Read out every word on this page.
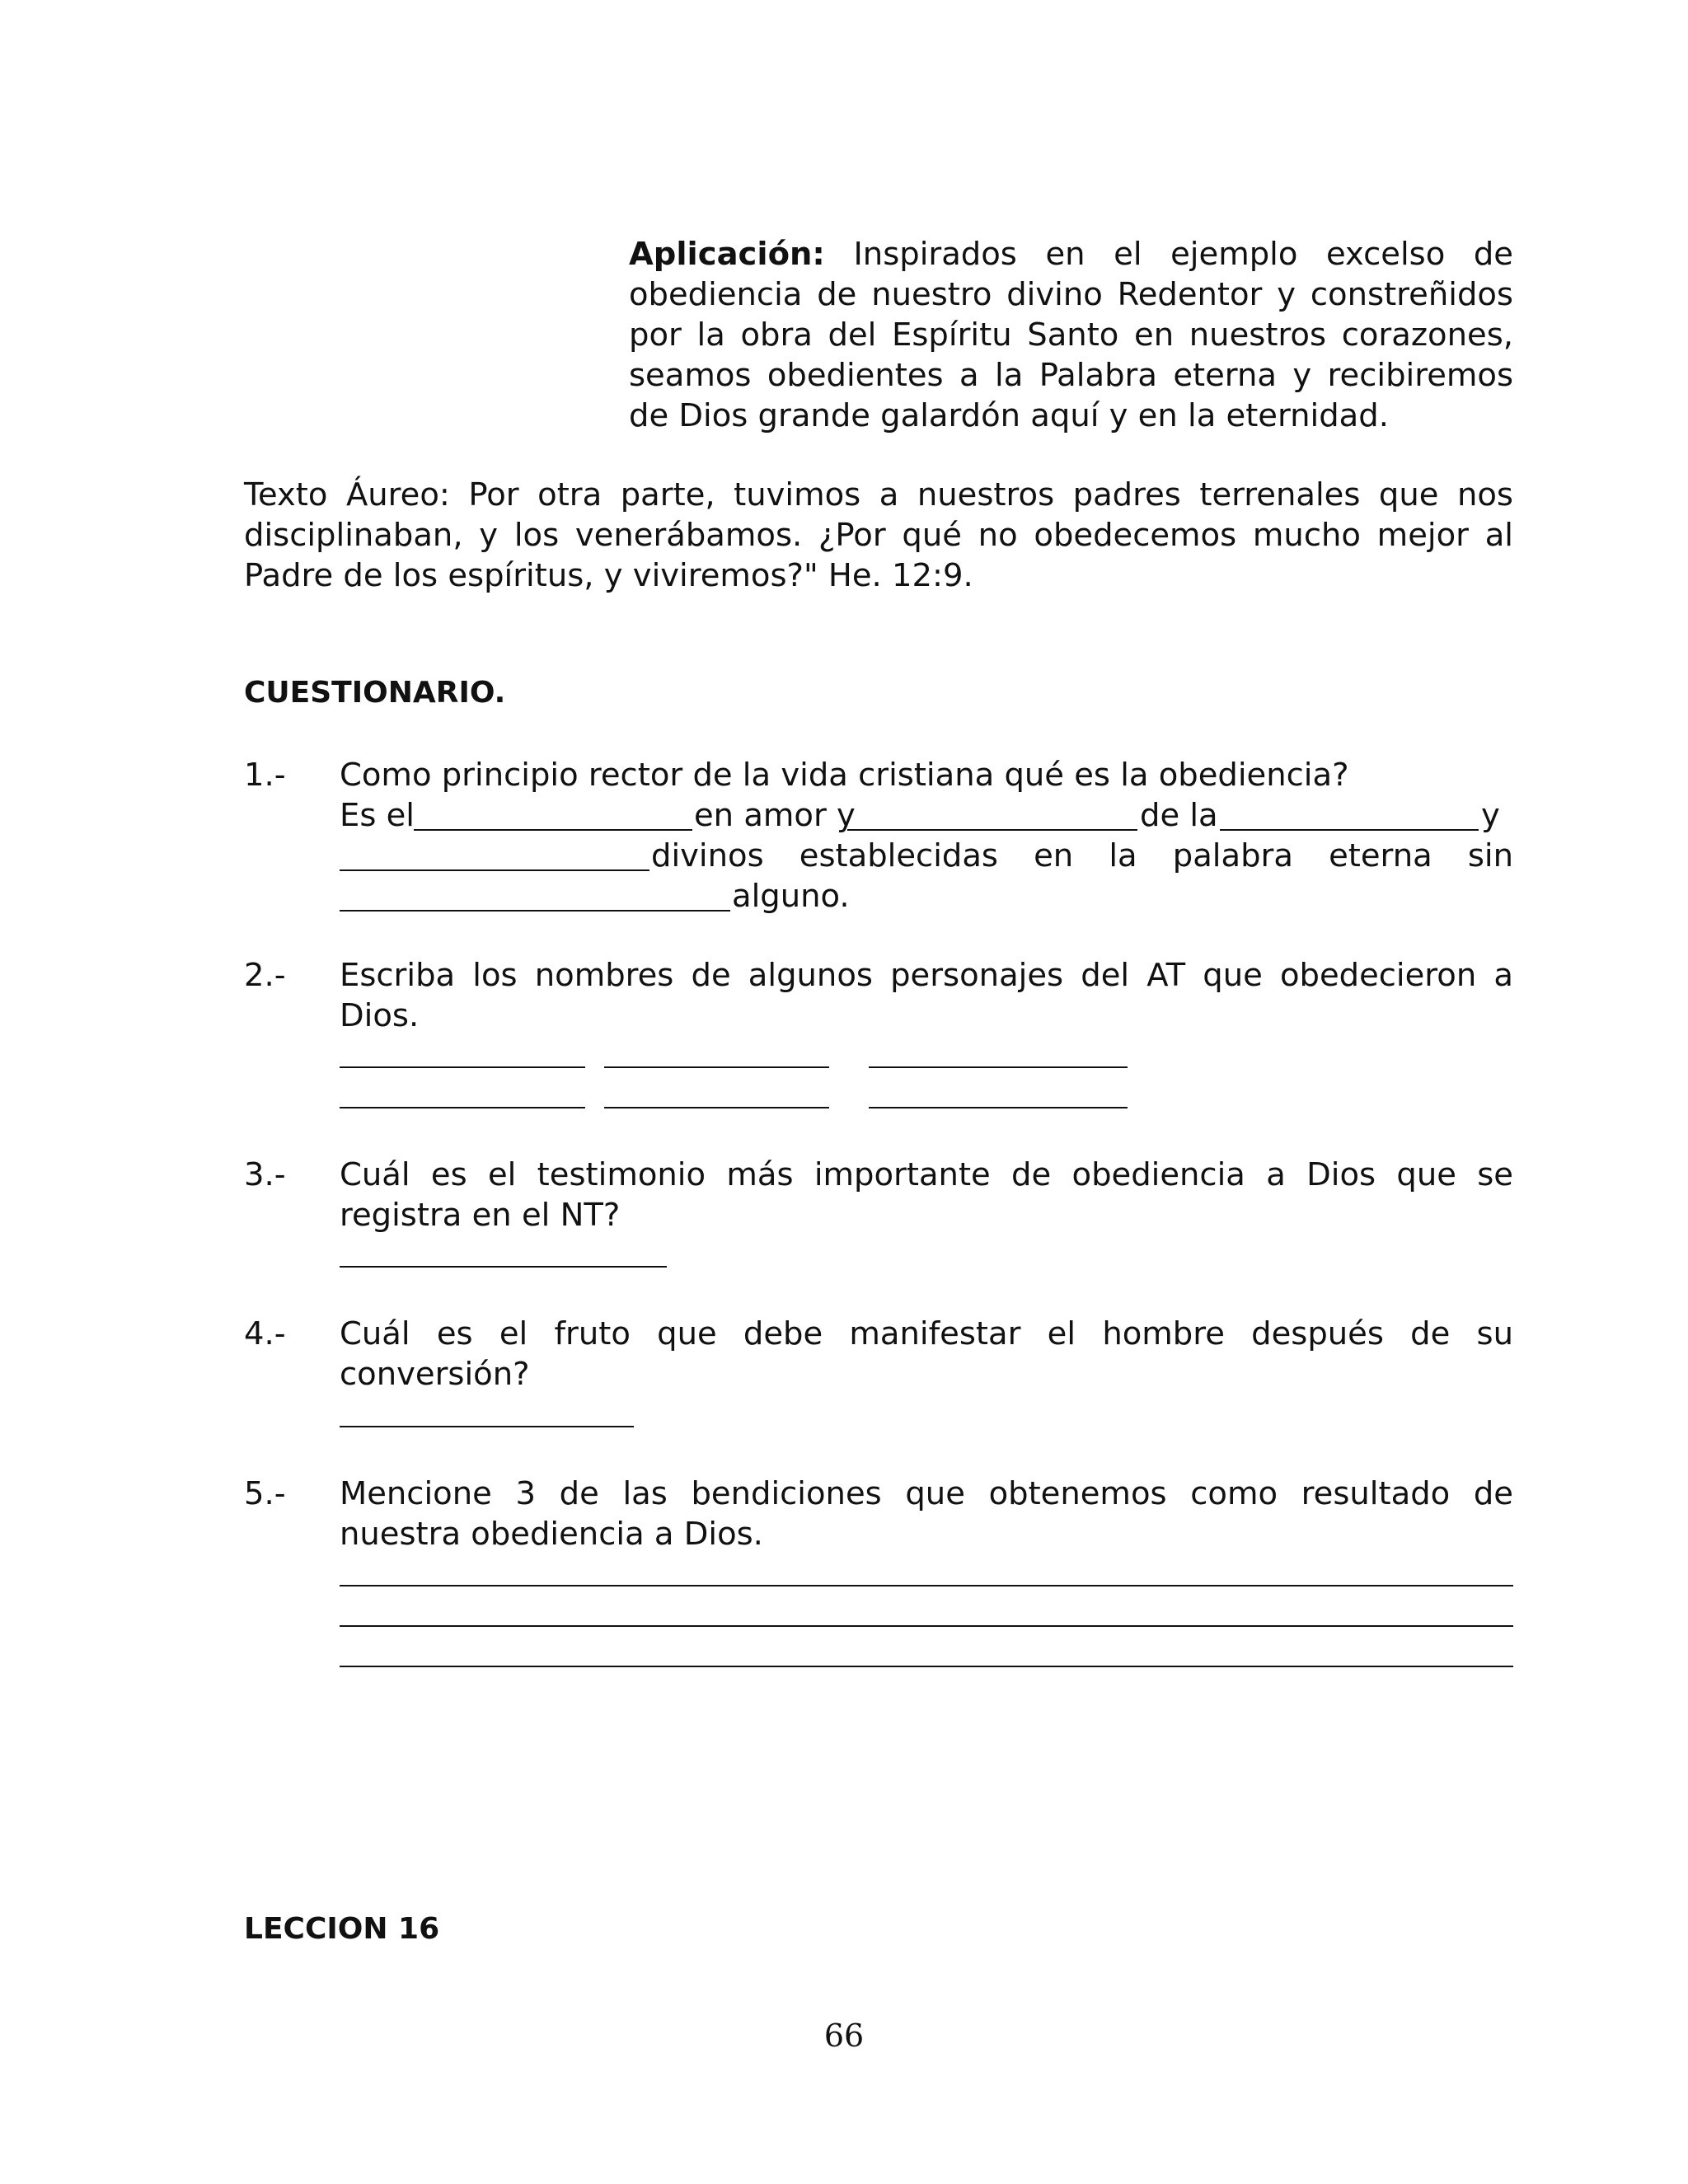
Aplicación: Inspirados en el ejemplo excelso de
obediencia de nuestro divino Redentor y constreñidos
por la obra del Espíritu Santo en nuestros corazones,
seamos obedientes a la Palabra eterna y recibiremos
de Dios grande galardón aquí y en la eternidad.
Texto Áureo: Por otra parte, tuvimos a nuestros padres terrenales que nos
disciplinaban, y los venerábamos. ¿Por qué no obedecemos mucho mejor al
Padre de los espíritus, y viviremos?" He. 12:9.
CUESTIONARIO.
1.- Como principio rector de la vida cristiana qué es la obediencia?
Es el	en amor y	de la	y
divinos establecidas en la palabra eterna sin
alguno.
2.- Escriba los nombres de algunos personajes del AT que obedecieron a
Dios.
3.- Cuál es el testimonio más importante de obediencia a Dios que se
registra en el NT?
4.- Cuál es el fruto que debe manifestar el hombre después de su
conversión?
5.- Mencione 3 de las bendiciones que obtenemos como resultado de
nuestra obediencia a Dios.
LECCION 16
66
